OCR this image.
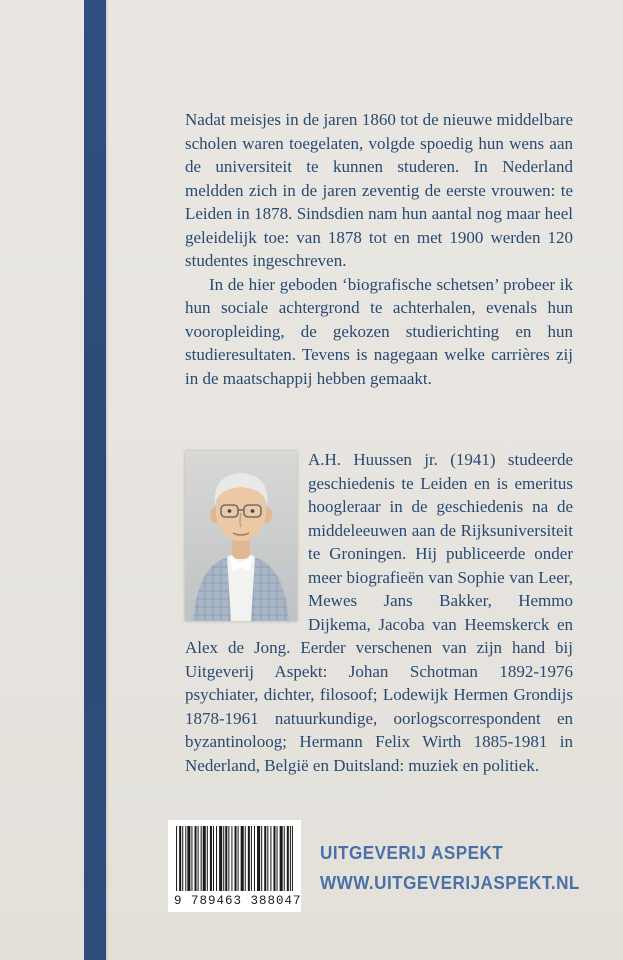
Nadat meisjes in de jaren 1860 tot de nieuwe middelbare scholen waren toegelaten, volgde spoedig hun wens aan de universiteit te kunnen studeren. In Nederland meldden zich in de jaren zeventig de eerste vrouwen: te Leiden in 1878. Sindsdien nam hun aantal nog maar heel geleidelijk toe: van 1878 tot en met 1900 werden 120 studentes ingeschreven.

In de hier geboden ‘biografische schetsen’ probeer ik hun sociale achtergrond te achterhalen, evenals hun vooropleiding, de gekozen studierichting en hun studieresultaten. Tevens is nagegaan welke carrières zij in de maatschappij hebben gemaakt.

A.H. Huussen jr. (1941) studeerde geschiedenis te Leiden en is emeritus hoogleraar in de geschiedenis na de middeleeuwen aan de Rijksuniversiteit te Groningen. Hij publiceerde onder meer biografieën van Sophie van Leer, Mewes Jans Bakker, Hemmo Dijkema, Jacoba van Heemskerck en Alex de Jong. Eerder verschenen van zijn hand bij Uitgeverij Aspekt: Johan Schotman 1892-1976 psychiater, dichter, filosoof; Lodewijk Hermen Grondijs 1878-1961 natuurkundige, oorlogscorrespondent en byzantinoloog; Hermann Felix Wirth 1885-1981 in Nederland, België en Duitsland: muziek en politiek.

9 789463 388047
UITGEVERIJ ASPEKT
WWW.UITGEVERIJASPEKT.NL
